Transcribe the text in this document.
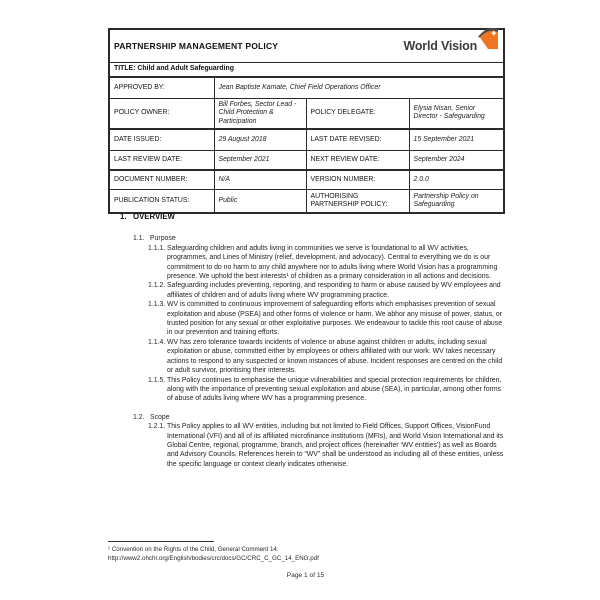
PARTNERSHIP MANAGEMENT POLICY World Vision			

TITLE: Child and Adult Safeguarding			
APPROVED BY:	Jean Baptiste Kamate, Chief Field Operations Officer		
POLICY OWNER:	Bill Forbes, Sector Lead - Child Protection & Participation	POLICY DELEGATE:	Elysia Nisan, Senior Director - Safeguarding
DATE ISSUED:	29 August 2018	LAST DATE REVISED:	15 September 2021
LAST REVIEW DATE:	September 2021	NEXT REVIEW DATE:	September 2024
DOCUMENT NUMBER:	N/A	VERSION NUMBER:	2.0.0
PUBLICATION STATUS:	Public	AUTHORISING PARTNERSHIP POLICY:	Partnership Policy on Safeguarding
1. OVERVIEW
1.1. Purpose
1.1.1. Safeguarding children and adults living in communities we serve is foundational to all WV activities, programmes, and Lines of Ministry (relief, development, and advocacy). Central to everything we do is our commitment to do no harm to any child anywhere nor to adults living where World Vision has a programming presence. We uphold the best interests¹ of children as a primary consideration in all actions and decisions.
1.1.2. Safeguarding includes preventing, reporting, and responding to harm or abuse caused by WV employees and affiliates of children and of adults living where WV programming practice.
1.1.3. WV is committed to continuous improvement of safeguarding efforts which emphasises prevention of sexual exploitation and abuse (PSEA) and other forms of violence or harm. We abhor any misuse of power, status, or trusted position for any sexual or other exploitative purposes. We endeavour to tackle this root cause of abuse in our prevention and training efforts.
1.1.4. WV has zero tolerance towards incidents of violence or abuse against children or adults, including sexual exploitation or abuse, committed either by employees or others affiliated with our work. WV takes necessary actions to respond to any suspected or known instances of abuse. Incident responses are centred on the child or adult survivor, prioritising their interests.
1.1.5. This Policy continues to emphasise the unique vulnerabilities and special protection requirements for children, along with the importance of preventing sexual exploitation and abuse (SEA), in particular, among other forms of abuse of adults living where WV has a programming presence.
1.2. Scope
1.2.1. This Policy applies to all WV entities, including but not limited to Field Offices, Support Offices, VisionFund International (VFI) and all of its affiliated microfinance institutions (MFIs), and World Vision International and its Global Centre, regional, programme, branch, and project offices (hereinafter ‘WV entities’) as well as Boards and Advisory Councils. References herein to “WV” shall be understood as including all of these entities, unless the specific language or context clearly indicates otherwise.
¹ Convention on the Rights of the Child, General Comment 14:
http://www2.ohchr.org/English/bodies/crc/docs/GC/CRC_C_GC_14_ENG.pdf
Page 1 of 15
